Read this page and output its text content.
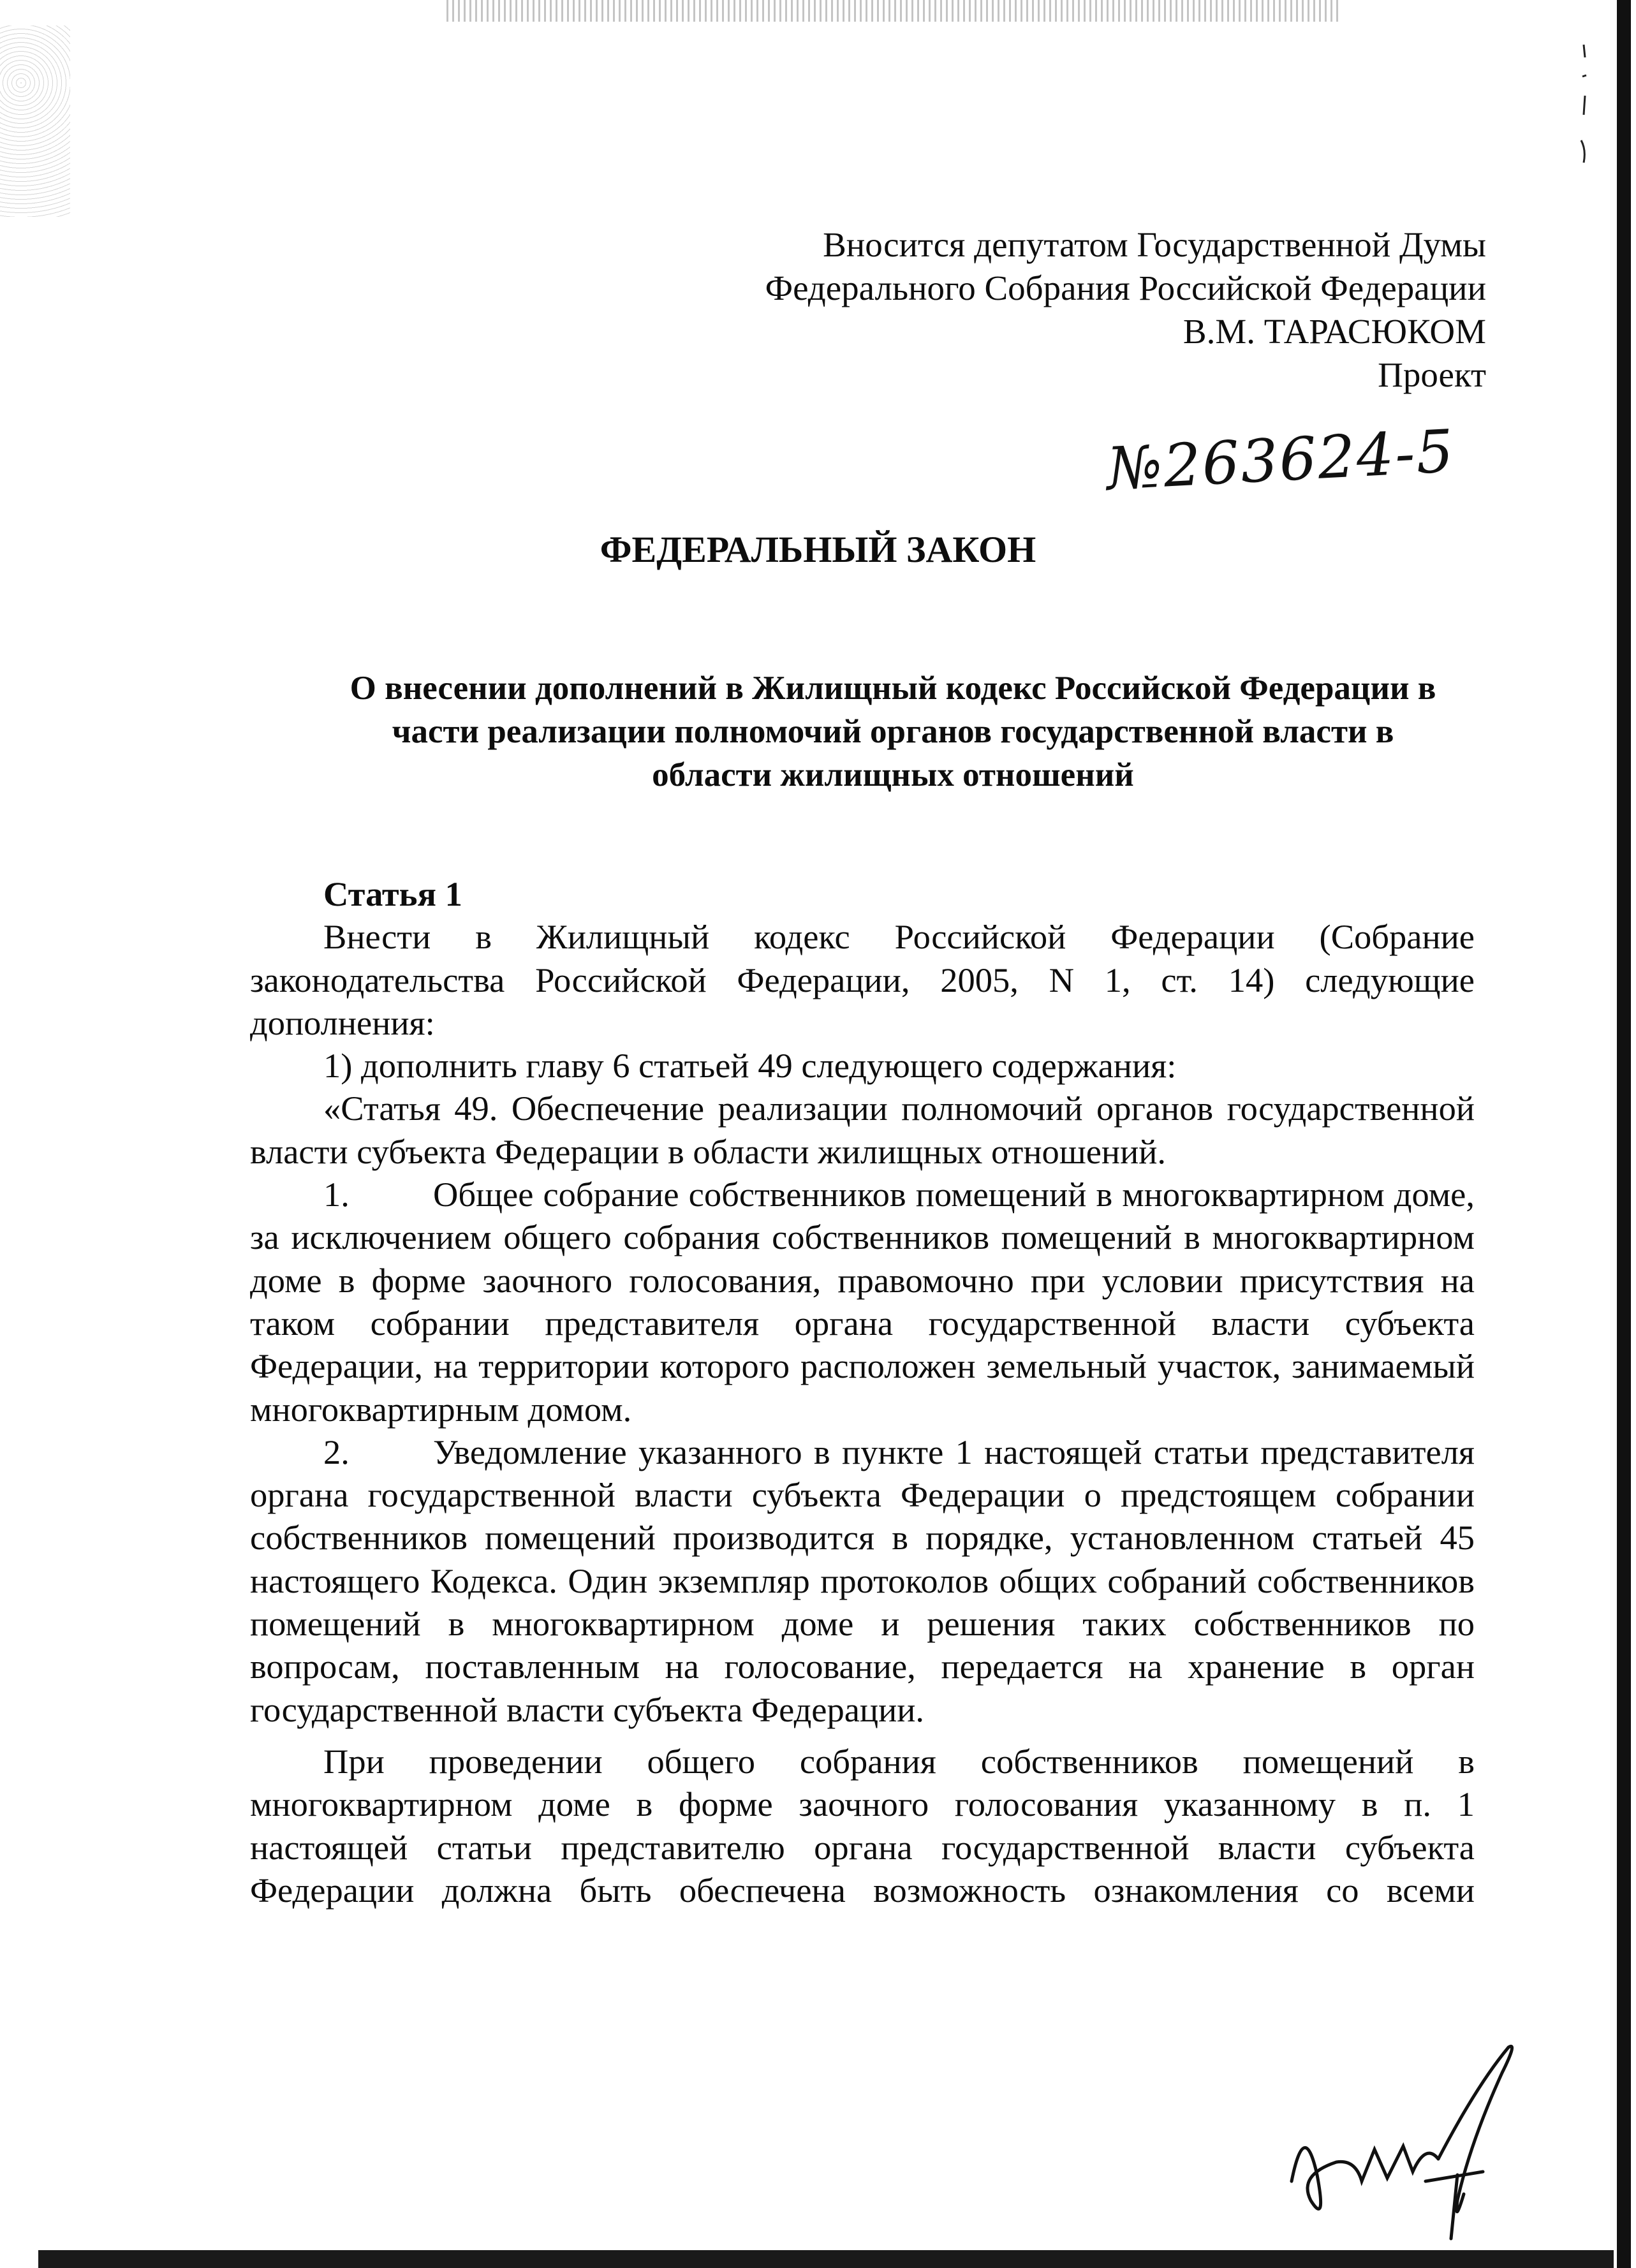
Вносится депутатом Государственной Думы
Федерального Собрания Российской Федерации
В.М. ТАРАСЮКОМ
Проект
№263624-5
ФЕДЕРАЛЬНЫЙ ЗАКОН
О внесении дополнений в Жилищный кодекс Российской Федерации в
части реализации полномочий органов государственной власти в
области жилищных отношений

Статья 1

Внести в Жилищный кодекс Российской Федерации (Собрание законодательства Российской Федерации, 2005, N 1, ст. 14) следующие дополнения:

1) дополнить главу 6 статьей 49 следующего содержания:

«Статья 49. Обеспечение реализации полномочий органов государственной власти субъекта Федерации в области жилищных отношений.

1. Общее собрание собственников помещений в многоквартирном доме, за исключением общего собрания собственников помещений в многоквартирном доме в форме заочного голосования, правомочно при условии присутствия на таком собрании представителя органа государственной власти субъекта Федерации, на территории которого расположен земельный участок, занимаемый многоквартирным домом.

2. Уведомление указанного в пункте 1 настоящей статьи представителя органа государственной власти субъекта Федерации о предстоящем собрании собственников помещений производится в порядке, установленном статьей 45 настоящего Кодекса. Один экземпляр протоколов общих собраний собственников помещений в многоквартирном доме и решения таких собственников по вопросам, поставленным на голосование, передается на хранение в орган государственной власти субъекта Федерации.

При проведении общего собрания собственников помещений в многоквартирном доме в форме заочного голосования указанному в п. 1 настоящей статьи представителю органа государственной власти субъекта Федерации должна быть обеспечена возможность ознакомления со всеми
